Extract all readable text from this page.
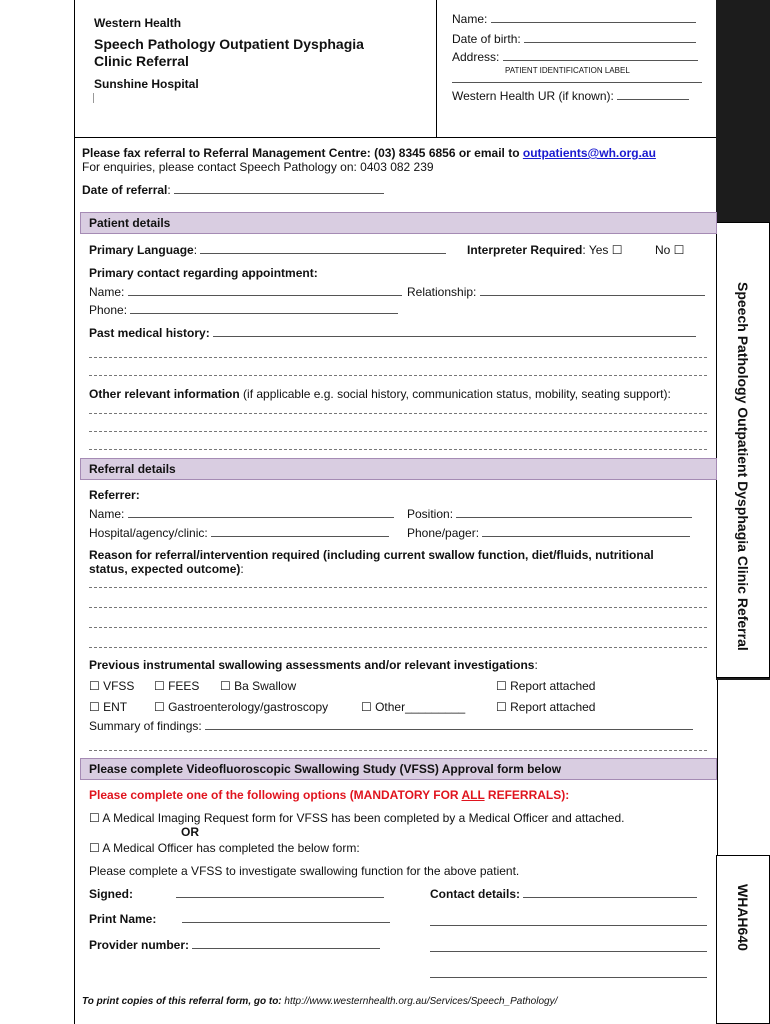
Speech Pathology Outpatient Dysphagia Clinic Referral
WHAH640
Western Health
Speech Pathology Outpatient Dysphagia
Clinic Referral
Sunshine Hospital
Name:
Date of birth:
Address:
PATIENT IDENTIFICATION LABEL
Western Health UR (if known):
Please fax referral to Referral Management Centre: (03) 8345 6856 or email to outpatients@wh.org.au
For enquiries, please contact Speech Pathology on: 0403 082 239
Date of referral:
Patient details
Primary Language:	Interpreter Required: Yes ☐	No ☐
Primary contact regarding appointment:
Name:	Relationship:
Phone:
Past medical history:
Other relevant information (if applicable e.g. social history, communication status, mobility, seating support):
Referral details
Referrer:
Name:	Position:
Hospital/agency/clinic:	Phone/pager:
Reason for referral/intervention required (including current swallow function, diet/fluids, nutritional
status, expected outcome):
Previous instrumental swallowing assessments and/or relevant investigations:
☐ VFSS ☐ FEES ☐ Ba Swallow	☐ Report attached
☐ ENT ☐ Gastroenterology/gastroscopy	☐ Other_________	☐ Report attached
Summary of findings:
Please complete Videofluoroscopic Swallowing Study (VFSS) Approval form below
Please complete one of the following options (MANDATORY FOR ALL REFERRALS):
☐ A Medical Imaging Request form for VFSS has been completed by a Medical Officer and attached.
OR
☐ A Medical Officer has completed the below form:
Please complete a VFSS to investigate swallowing function for the above patient.
Signed:	Contact details:
Print Name:
Provider number:
To print copies of this referral form, go to: http://www.westernhealth.org.au/Services/Speech_Pathology/
